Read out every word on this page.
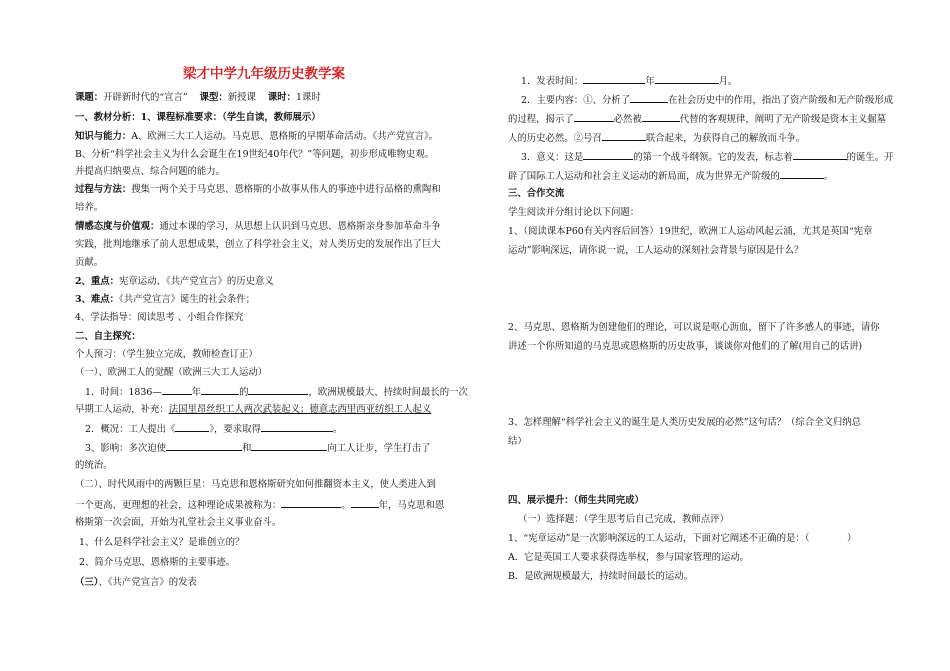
梁才中学九年级历史教学案
课题：开辟新时代的“宣言” 课型：新授课 课时：1课时
一、教材分析：1、课程标准要求：（学生自读，教师展示）
知识与能力：A、欧洲三大工人运动。马克思、恩格斯的早期革命活动。《共产党宣言》。
B、分析“科学社会主义为什么会诞生在19世纪40年代？”等问题，初步形成唯物史观。
并提高归纳要点、综合问题的能力。
过程与方法：搜集一两个关于马克思、恩格斯的小故事从伟人的事迹中进行品格的熏陶和
培养。
情感态度与价值观：通过本课的学习，从思想上认识到马克思、恩格斯亲身参加革命斗争
实践，批判地继承了前人思想成果，创立了科学社会主义，对人类历史的发展作出了巨大
贡献。
2、重点：宪章运动、《共产党宣言》的历史意义
3、难点：《共产党宣言》诞生的社会条件；
4、学法指导：阅读思考 、小组合作探究
二、自主探究：
个人预习：（学生独立完成，教师检查订正）
（一）、欧洲工人的觉醒（欧洲三大工人运动）
1．时间：1836—	年	的	，欧洲规模最大、持续时间最长的一次
早期工人运动，补充：法国里昂丝织工人两次武装起义；德意志西里西亚纺织工人起义
2．概况：工人提出《	》，要求取得	。
3、影响：多次迫使	和	向工人让步，学生打击了
的统治。
（二）、时代风雨中的两颗巨星：马克思和恩格斯研究如何推翻资本主义，使人类进入到
一个更高、更理想的社会，这种理论成果被称为：	。	年，马克思和恩
格斯第一次会面，开始为礼堂社会主义事业奋斗。
1、什么是科学社会主义？是谁创立的？
2、简介马克思、恩格斯的主要事迹。
（三）、《共产党宣言》的发表
1．发表时间：	年	月。
2．主要内容：①、分析了	在社会历史中的作用，指出了资产阶级和无产阶级形成
的过程，揭示了	必然被	代替的客观规律，阐明了无产阶级是资本主义掘墓
人的历史必然。②号召	联合起来，为获得自己的解放而斗争。
3．意义：这是	的第一个战斗纲领。它的发表，标志着	的诞生。开
辟了国际工人运动和社会主义运动的新局面，成为世界无产阶级的	。
三、合作交流
学生阅读并分组讨论以下问题：
1、（阅读课本P60有关内容后回答）19世纪，欧洲工人运动风起云涌，尤其是英国“宪章
运动”影响深远，请你说一说，工人运动的深刻社会背景与原因是什么？
2、马克思、恩格斯为创建他们的理论，可以说是呕心沥血，留下了许多感人的事迹，请你
讲述一个你所知道的马克思或恩格斯的历史故事，谈谈你对他们的了解(用自己的话讲)
3、怎样理解“科学社会主义的诞生是人类历史发展的必然”这句话？（综合全文归纳总
结）
四、展示提升：（师生共同完成）
（一）选择题：（学生思考后自己完成，教师点评）
1、“宪章运动”是一次影响深远的工人运动，下面对它阐述不正确的是：（　　　　）
A．它是英国工人要求获得选举权，参与国家管理的运动。
B．是欧洲规模最大，持续时间最长的运动。
